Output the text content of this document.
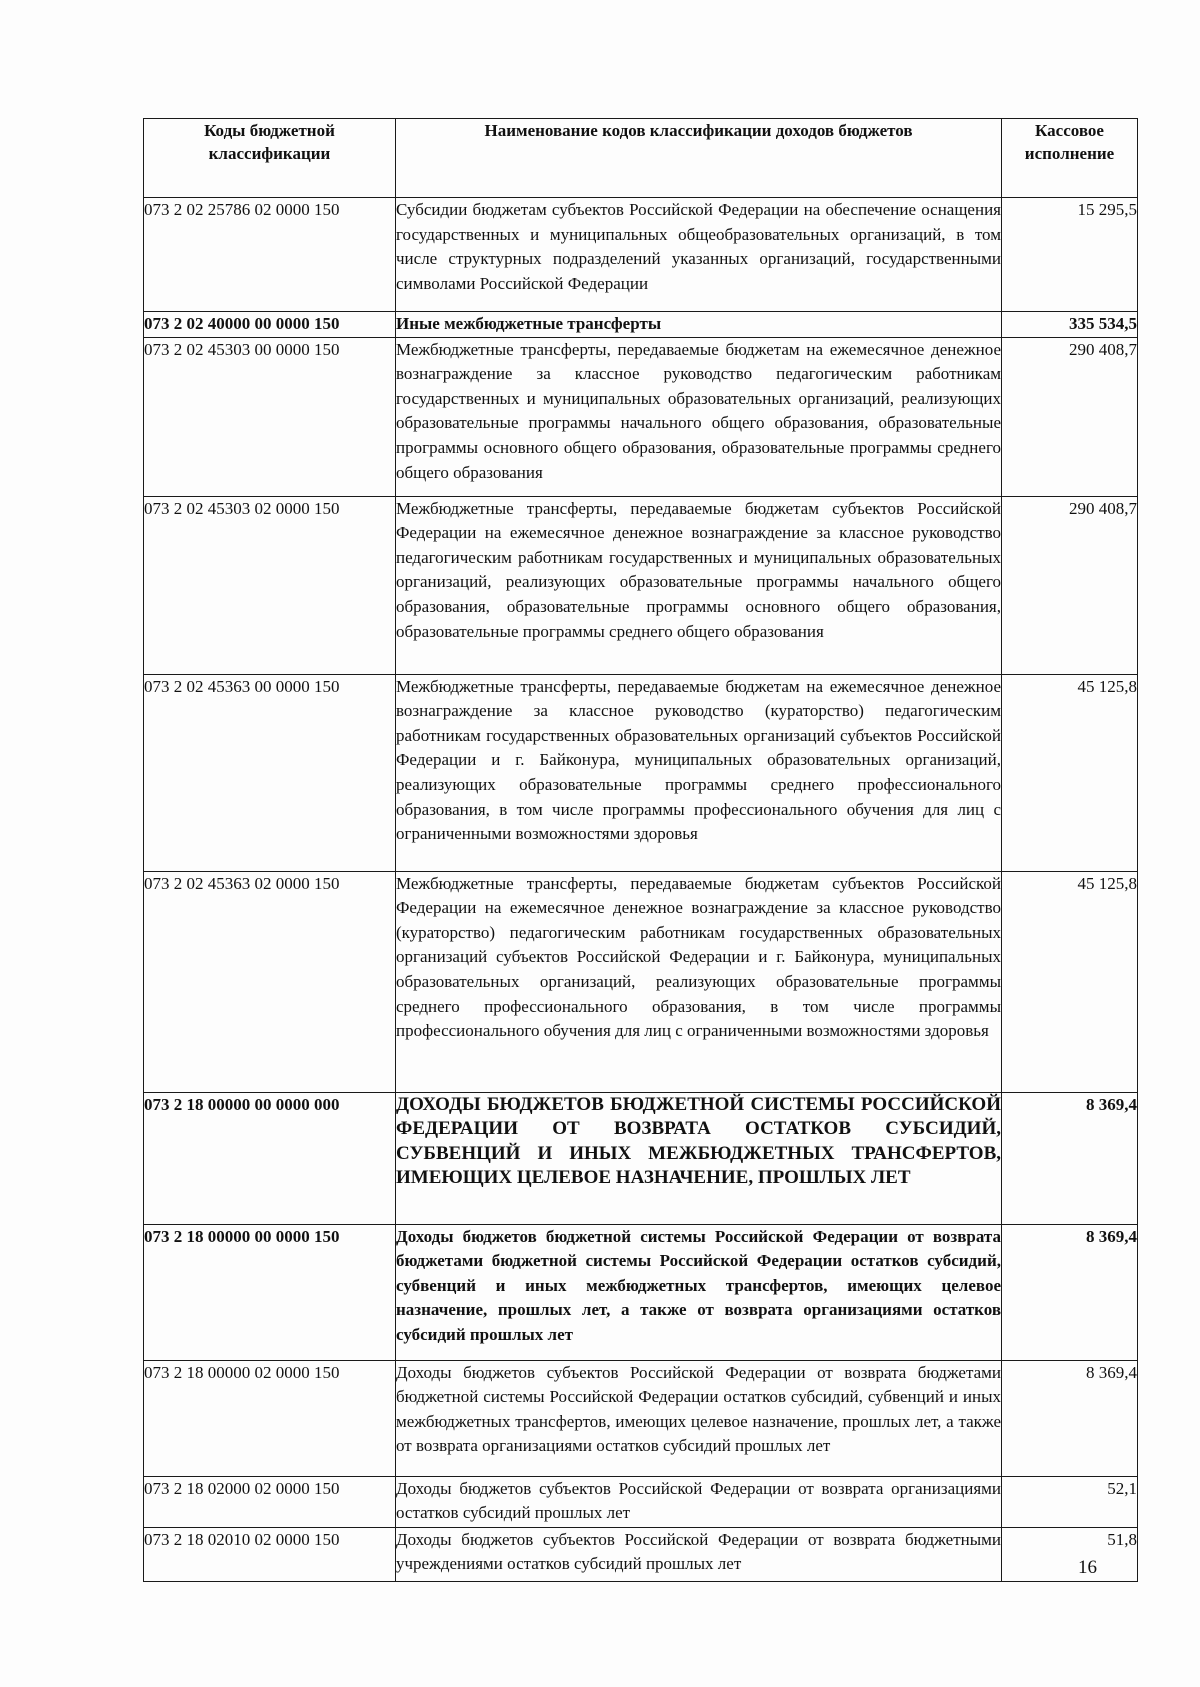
Коды бюджетной классификации	Наименование кодов классификации доходов бюджетов	Кассовое исполнение
073 2 02 25786 02 0000 150	Субсидии бюджетам субъектов Российской Федерации на обеспечение оснащения государственных и муниципальных общеобразовательных организаций, в том числе структурных подразделений указанных организаций, государственными символами Российской Федерации	15 295,5
073 2 02 40000 00 0000 150	Иные межбюджетные трансферты	335 534,5
073 2 02 45303 00 0000 150	Межбюджетные трансферты, передаваемые бюджетам на ежемесячное денежное вознаграждение за классное руководство педагогическим работникам государственных и муниципальных образовательных организаций, реализующих образовательные программы начального общего образования, образовательные программы основного общего образования, образовательные программы среднего общего образования	290 408,7
073 2 02 45303 02 0000 150	Межбюджетные трансферты, передаваемые бюджетам субъектов Российской Федерации на ежемесячное денежное вознаграждение за классное руководство педагогическим работникам государственных и муниципальных образовательных организаций, реализующих образовательные программы начального общего образования, образовательные программы основного общего образования, образовательные программы среднего общего образования	290 408,7
073 2 02 45363 00 0000 150	Межбюджетные трансферты, передаваемые бюджетам на ежемесячное денежное вознаграждение за классное руководство (кураторство) педагогическим работникам государственных образовательных организаций субъектов Российской Федерации и г. Байконура, муниципальных образовательных организаций, реализующих образовательные программы среднего профессионального образования, в том числе программы профессионального обучения для лиц с ограниченными возможностями здоровья	45 125,8
073 2 02 45363 02 0000 150	Межбюджетные трансферты, передаваемые бюджетам субъектов Российской Федерации на ежемесячное денежное вознаграждение за классное руководство (кураторство) педагогическим работникам государственных образовательных организаций субъектов Российской Федерации и г. Байконура, муниципальных образовательных организаций, реализующих образовательные программы среднего профессионального образования, в том числе программы профессионального обучения для лиц с ограниченными возможностями здоровья	45 125,8
073 2 18 00000 00 0000 000	ДОХОДЫ БЮДЖЕТОВ БЮДЖЕТНОЙ СИСТЕМЫ РОССИЙСКОЙ ФЕДЕРАЦИИ ОТ ВОЗВРАТА ОСТАТКОВ СУБСИДИЙ, СУБВЕНЦИЙ И ИНЫХ МЕЖБЮДЖЕТНЫХ ТРАНСФЕРТОВ, ИМЕЮЩИХ ЦЕЛЕВОЕ НАЗНАЧЕНИЕ, ПРОШЛЫХ ЛЕТ	8 369,4
073 2 18 00000 00 0000 150	Доходы бюджетов бюджетной системы Российской Федерации от возврата бюджетами бюджетной системы Российской Федерации остатков субсидий, субвенций и иных межбюджетных трансфертов, имеющих целевое назначение, прошлых лет, а также от возврата организациями остатков субсидий прошлых лет	8 369,4
073 2 18 00000 02 0000 150	Доходы бюджетов субъектов Российской Федерации от возврата бюджетами бюджетной системы Российской Федерации остатков субсидий, субвенций и иных межбюджетных трансфертов, имеющих целевое назначение, прошлых лет, а также от возврата организациями остатков субсидий прошлых лет	8 369,4
073 2 18 02000 02 0000 150	Доходы бюджетов субъектов Российской Федерации от возврата организациями остатков субсидий прошлых лет	52,1
073 2 18 02010 02 0000 150	Доходы бюджетов субъектов Российской Федерации от возврата бюджетными учреждениями остатков субсидий прошлых лет	51,8
16
